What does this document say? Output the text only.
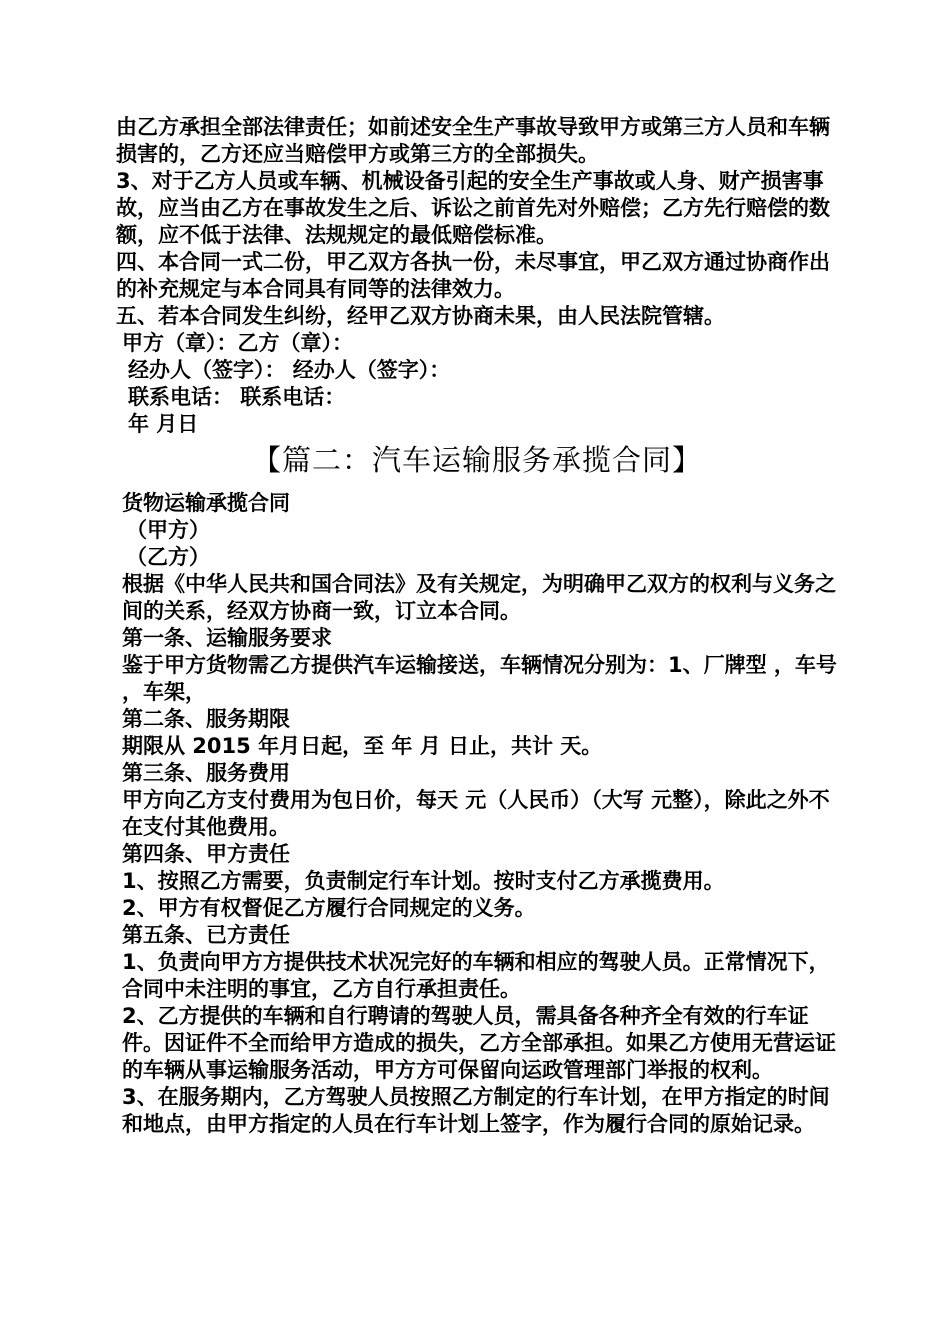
由乙方承担全部法律责任；如前述安全生产事故导致甲方或第三方人员和车辆损害的，乙方还应当赔偿甲方或第三方的全部损失。

3、对于乙方人员或车辆、机械设备引起的安全生产事故或人身、财产损害事故，应当由乙方在事故发生之后、诉讼之前首先对外赔偿；乙方先行赔偿的数额，应不低于法律、法规规定的最低赔偿标准。

四、本合同一式二份，甲乙双方各执一份，未尽事宜，甲乙双方通过协商作出的补充规定与本合同具有同等的法律效力。

五、若本合同发生纠纷，经甲乙双方协商未果，由人民法院管辖。

甲方（章）：乙方（章）：

经办人（签字）： 经办人（签字）：

联系电话： 联系电话：

年 月日

【篇二：汽车运输服务承揽合同】

货物运输承揽合同

（甲方）

（乙方）

根据《中华人民共和国合同法》及有关规定，为明确甲乙双方的权利与义务之间的关系，经双方协商一致，订立本合同。

第一条、运输服务要求

鉴于甲方货物需乙方提供汽车运输接送，车辆情况分别为：1、厂牌型 ，车号 ，车架，

第二条、服务期限

期限从 2015 年月日起，至 年 月 日止，共计 天。

第三条、服务费用

甲方向乙方支付费用为包日价，每天 元（人民币）（大写 元整），除此之外不在支付其他费用。

第四条、甲方责任

1、按照乙方需要，负责制定行车计划。按时支付乙方承揽费用。

2、甲方有权督促乙方履行合同规定的义务。

第五条、已方责任

1、负责向甲方方提供技术状况完好的车辆和相应的驾驶人员。正常情况下，合同中未注明的事宜，乙方自行承担责任。

2、乙方提供的车辆和自行聘请的驾驶人员，需具备各种齐全有效的行车证件。因证件不全而给甲方造成的损失，乙方全部承担。如果乙方使用无营运证的车辆从事运输服务活动，甲方方可保留向运政管理部门举报的权利。

3、在服务期内，乙方驾驶人员按照乙方制定的行车计划，在甲方指定的时间和地点，由甲方指定的人员在行车计划上签字，作为履行合同的原始记录。
